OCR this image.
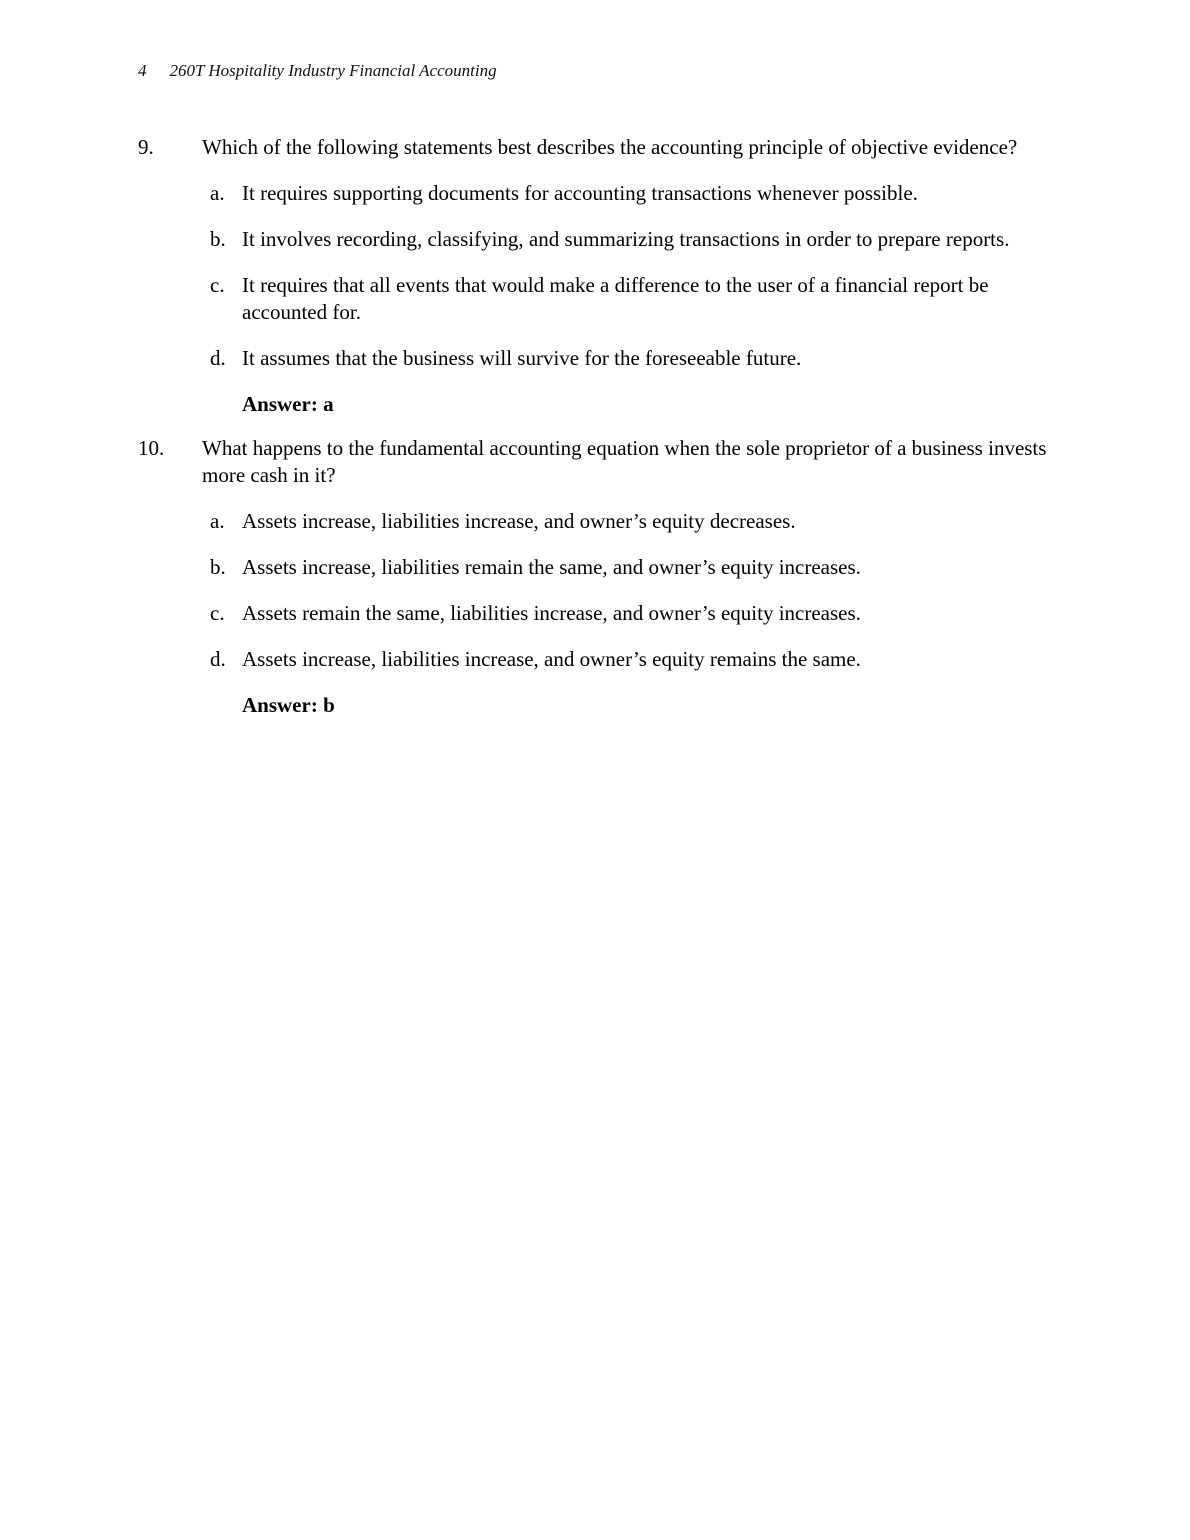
4 260T Hospitality Industry Financial Accounting
9.	Which of the following statements best describes the accounting principle of objective evidence?
a. It requires supporting documents for accounting transactions whenever possible.
b. It involves recording, classifying, and summarizing transactions in order to prepare reports.
c. It requires that all events that would make a difference to the user of a financial report be accounted for.
d. It assumes that the business will survive for the foreseeable future.
Answer: a
10.	What happens to the fundamental accounting equation when the sole proprietor of a business invests more cash in it?
a. Assets increase, liabilities increase, and owner’s equity decreases.
b. Assets increase, liabilities remain the same, and owner’s equity increases.
c. Assets remain the same, liabilities increase, and owner’s equity increases.
d. Assets increase, liabilities increase, and owner’s equity remains the same.
Answer: b
